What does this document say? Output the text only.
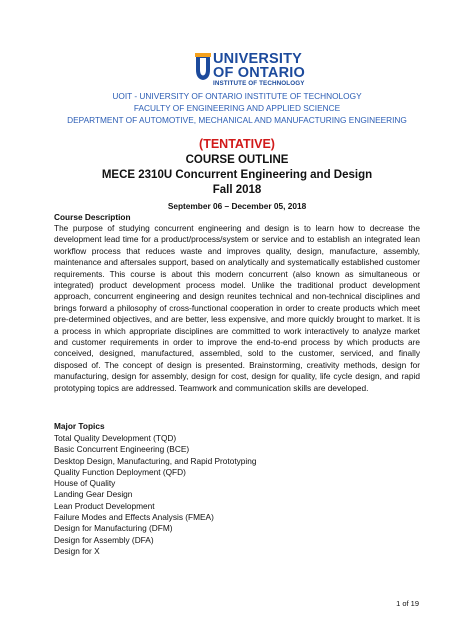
UNIVERSITY
OF ONTARIO
INSTITUTE OF TECHNOLOGY
UOIT - UNIVERSITY OF ONTARIO INSTITUTE OF TECHNOLOGY
FACULTY OF ENGINEERING AND APPLIED SCIENCE
DEPARTMENT OF AUTOMOTIVE, MECHANICAL AND MANUFACTURING ENGINEERING
(TENTATIVE)
COURSE OUTLINE
MECE 2310U Concurrent Engineering and Design
Fall 2018
September 06 – December 05, 2018
Course Description

The purpose of studying concurrent engineering and design is to learn how to decrease the development lead time for a product/process/system or service and to establish an integrated lean workflow process that reduces waste and improves quality, design, manufacture, assembly, maintenance and aftersales support, based on analytically and systematically established customer requirements. This course is about this modern concurrent (also known as simultaneous or integrated) product development process model. Unlike the traditional product development approach, concurrent engineering and design reunites technical and non-technical disciplines and brings forward a philosophy of cross-functional cooperation in order to create products which meet pre-determined objectives, and are better, less expensive, and more quickly brought to market. It is a process in which appropriate disciplines are committed to work interactively to analyze market and customer requirements in order to improve the end-to-end process by which products are conceived, designed, manufactured, assembled, sold to the customer, serviced, and finally disposed of. The concept of design is presented. Brainstorming, creativity methods, design for manufacturing, design for assembly, design for cost, design for quality, life cycle design, and rapid prototyping topics are addressed. Teamwork and communication skills are developed.

Major Topics
Total Quality Development (TQD)
Basic Concurrent Engineering (BCE)
Desktop Design, Manufacturing, and Rapid Prototyping
Quality Function Deployment (QFD)
House of Quality
Landing Gear Design
Lean Product Development
Failure Modes and Effects Analysis (FMEA)
Design for Manufacturing (DFM)
Design for Assembly (DFA)
Design for X
1 of 19
